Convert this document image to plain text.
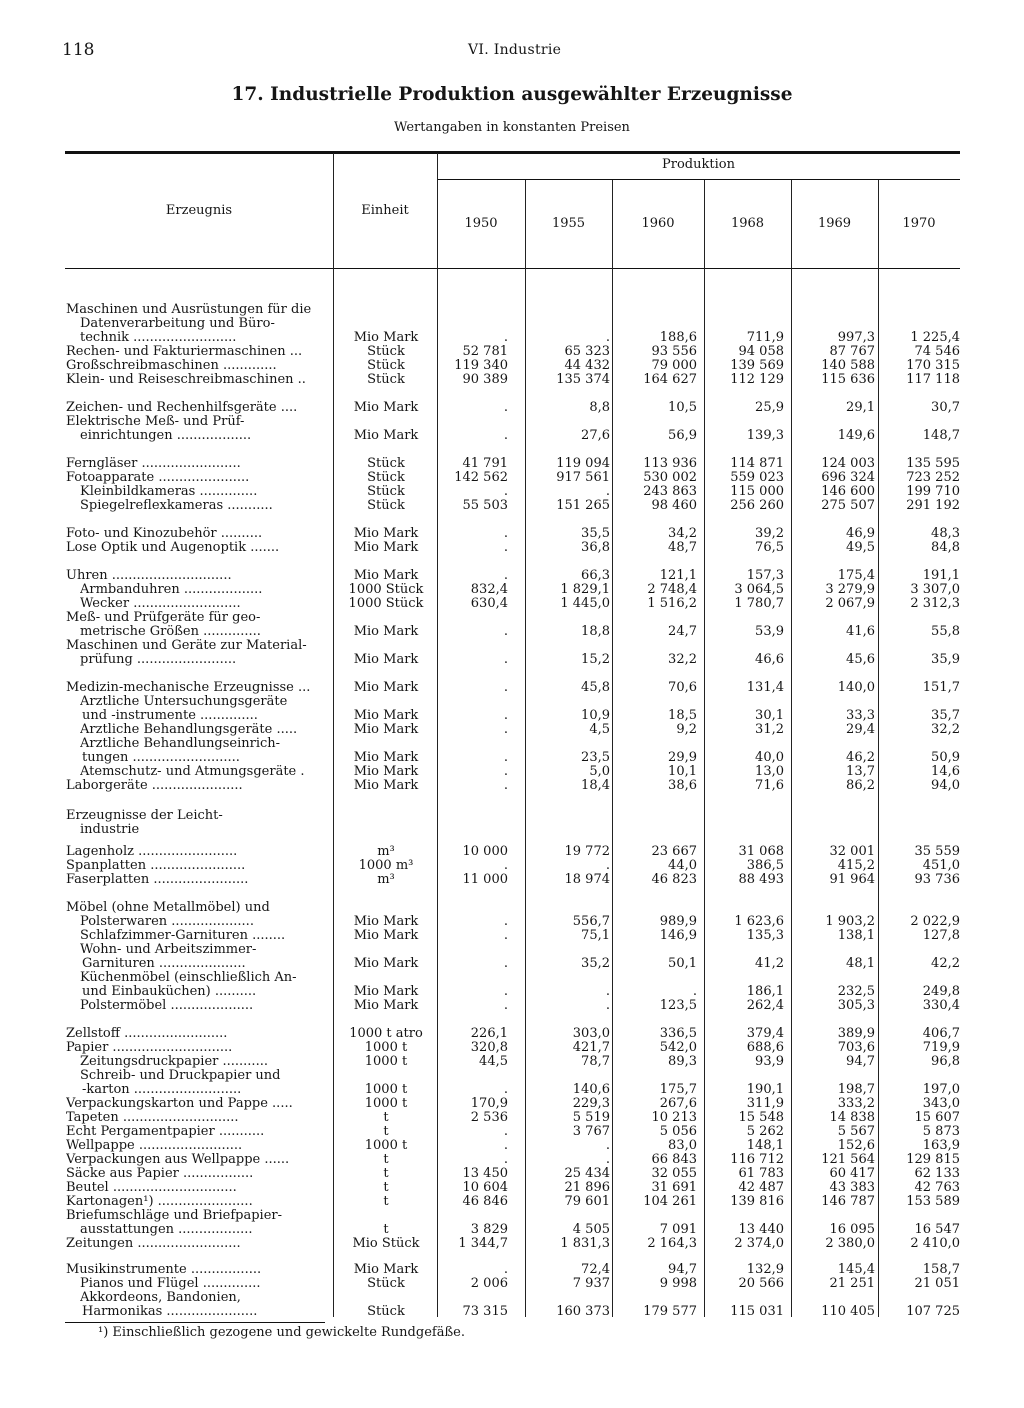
118	VI. Industrie
17. Industrielle Produktion ausgewählter Erzeugnisse
Wertangaben in konstanten Preisen
Erzeugnis	Einheit
Produktion
1950	1955	1960	1968	1969	1970
Maschinen und Ausrüstungen für die
Datenverarbeitung und Büro-
technik .........................	Mio Mark	.	.	188,6	711,9	997,3	1 225,4
Rechen- und Fakturiermaschinen ...	Stück	52 781	65 323	93 556	94 058	87 767	74 546
Großschreibmaschinen .............	Stück	119 340	44 432	79 000	139 569	140 588	170 315
Klein- und Reiseschreibmaschinen ..	Stück	90 389	135 374	164 627	112 129	115 636	117 118
Zeichen- und Rechenhilfsgeräte ....	Mio Mark	.	8,8	10,5	25,9	29,1	30,7
Elektrische Meß- und Prüf-
einrichtungen ..................	Mio Mark	.	27,6	56,9	139,3	149,6	148,7
Ferngläser ........................	Stück	41 791	119 094	113 936	114 871	124 003	135 595
Fotoapparate ......................	Stück	142 562	917 561	530 002	559 023	696 324	723 252
Kleinbildkameras ..............	Stück	.	.	243 863	115 000	146 600	199 710
Spiegelreflexkameras ...........	Stück	55 503	151 265	98 460	256 260	275 507	291 192
Foto- und Kinozubehör ..........	Mio Mark	.	35,5	34,2	39,2	46,9	48,3
Lose Optik und Augenoptik .......	Mio Mark	.	36,8	48,7	76,5	49,5	84,8
Uhren .............................	Mio Mark	.	66,3	121,1	157,3	175,4	191,1
Armbanduhren ...................	1000 Stück	832,4	1 829,1	2 748,4	3 064,5	3 279,9	3 307,0
Wecker ..........................	1000 Stück	630,4	1 445,0	1 516,2	1 780,7	2 067,9	2 312,3
Meß- und Prüfgeräte für geo-
metrische Größen ..............	Mio Mark	.	18,8	24,7	53,9	41,6	55,8
Maschinen und Geräte zur Material-
prüfung ........................	Mio Mark	.	15,2	32,2	46,6	45,6	35,9
Medizin-mechanische Erzeugnisse ...	Mio Mark	.	45,8	70,6	131,4	140,0	151,7
Ärztliche Untersuchungsgeräte
und -instrumente ..............	Mio Mark	.	10,9	18,5	30,1	33,3	35,7
Ärztliche Behandlungsgeräte .....	Mio Mark	.	4,5	9,2	31,2	29,4	32,2
Ärztliche Behandlungseinrich-
tungen ..........................	Mio Mark	.	23,5	29,9	40,0	46,2	50,9
Atemschutz- und Atmungsgeräte .	Mio Mark	.	5,0	10,1	13,0	13,7	14,6
Laborgeräte ......................	Mio Mark	.	18,4	38,6	71,6	86,2	94,0
Erzeugnisse der Leicht-
industrie
Lagenholz ........................	m³	10 000	19 772	23 667	31 068	32 001	35 559
Spanplatten .......................	1000 m³	.	.	44,0	386,5	415,2	451,0
Faserplatten .......................	m³	11 000	18 974	46 823	88 493	91 964	93 736
Möbel (ohne Metallmöbel) und
Polsterwaren ....................	Mio Mark	.	556,7	989,9	1 623,6	1 903,2	2 022,9
Schlafzimmer-Garnituren ........	Mio Mark	.	75,1	146,9	135,3	138,1	127,8
Wohn- und Arbeitszimmer-
Garnituren .....................	Mio Mark	.	35,2	50,1	41,2	48,1	42,2
Küchenmöbel (einschließlich An-
und Einbauküchen) ..........	Mio Mark	.	.	.	186,1	232,5	249,8
Polstermöbel ....................	Mio Mark	.	.	123,5	262,4	305,3	330,4
Zellstoff .........................	1000 t atro	226,1	303,0	336,5	379,4	389,9	406,7
Papier .............................	1000 t	320,8	421,7	542,0	688,6	703,6	719,9
Zeitungsdruckpapier ...........	1000 t	44,5	78,7	89,3	93,9	94,7	96,8
Schreib- und Druckpapier und
-karton ..........................	1000 t	.	140,6	175,7	190,1	198,7	197,0
Verpackungskarton und Pappe .....	1000 t	170,9	229,3	267,6	311,9	333,2	343,0
Tapeten ............................	t	2 536	5 519	10 213	15 548	14 838	15 607
Echt Pergamentpapier ...........	t	.	3 767	5 056	5 262	5 567	5 873
Wellpappe .........................	1000 t	.	.	83,0	148,1	152,6	163,9
Verpackungen aus Wellpappe ......	t	.	.	66 843	116 712	121 564	129 815
Säcke aus Papier .................	t	13 450	25 434	32 055	61 783	60 417	62 133
Beutel ..............................	t	10 604	21 896	31 691	42 487	43 383	42 763
Kartonagen¹) .......................	t	46 846	79 601	104 261	139 816	146 787	153 589
Briefumschläge und Briefpapier-
ausstattungen ..................	t	3 829	4 505	7 091	13 440	16 095	16 547
Zeitungen .........................	Mio Stück	1 344,7	1 831,3	2 164,3	2 374,0	2 380,0	2 410,0
Musikinstrumente .................	Mio Mark	.	72,4	94,7	132,9	145,4	158,7
Pianos und Flügel ..............	Stück	2 006	7 937	9 998	20 566	21 251	21 051
Akkordeons, Bandonien,
Harmonikas ......................	Stück	73 315	160 373	179 577	115 031	110 405	107 725
¹) Einschließlich gezogene und gewickelte Rundgefäße.
